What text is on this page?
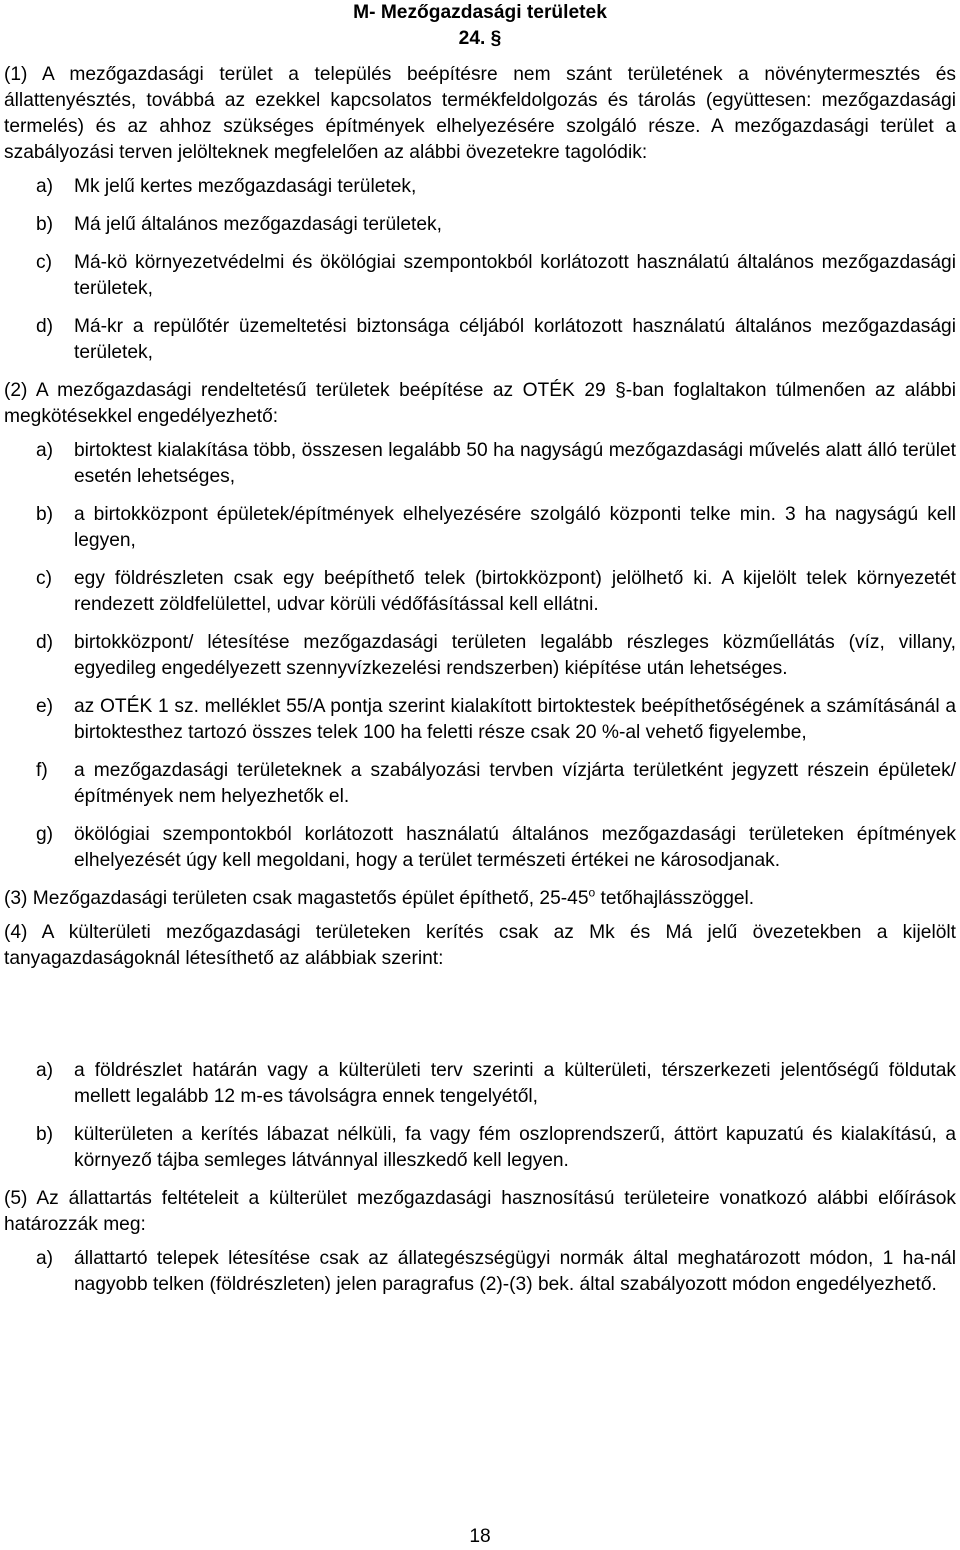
M- Mezőgazdasági területek
24. §
(1) A mezőgazdasági terület a település beépítésre nem szánt területének a növénytermesztés és állattenyésztés, továbbá az ezekkel kapcsolatos termékfeldolgozás és tárolás (együttesen: mezőgazdasági termelés) és az ahhoz szükséges építmények elhelyezésére szolgáló része. A mezőgazdasági terület a szabályozási terven jelölteknek megfelelően az alábbi övezetekre tagolódik:
a)	Mk jelű kertes mezőgazdasági területek,
b)	Má jelű általános mezőgazdasági területek,
c)	Má-kö környezetvédelmi és ökölógiai szempontokból korlátozott használatú általános mezőgazdasági területek,
d)	Má-kr a repülőtér üzemeltetési biztonsága céljából korlátozott használatú általános mezőgazdasági területek,
(2) A mezőgazdasági rendeltetésű területek beépítése az OTÉK 29 §-ban foglaltakon túlmenően az alábbi megkötésekkel engedélyezhető:
a)	birtoktest kialakítása több, összesen legalább 50 ha nagyságú mezőgazdasági művelés alatt álló terület esetén lehetséges,
b)	a birtokközpont épületek/építmények elhelyezésére szolgáló központi telke min. 3 ha nagyságú kell legyen,
c)	egy földrészleten csak egy beépíthető telek (birtokközpont) jelölhető ki. A kijelölt telek környezetét rendezett zöldfelülettel, udvar körüli védőfásítással kell ellátni.
d)	birtokközpont/ létesítése mezőgazdasági területen legalább részleges közműellátás (víz, villany, egyedileg engedélyezett szennyvízkezelési rendszerben) kiépítése után lehetséges.
e)	az OTÉK 1 sz. melléklet 55/A pontja szerint kialakított birtoktestek beépíthetőségének a számításánál a birtoktesthez tartozó összes telek 100 ha feletti része csak 20 %-al vehető figyelembe,
f)	a mezőgazdasági területeknek a szabályozási tervben vízjárta területként jegyzett részein épületek/építmények nem helyezhetők el.
g)	ökölógiai szempontokból korlátozott használatú általános mezőgazdasági területeken építmények elhelyezését úgy kell megoldani, hogy a terület természeti értékei ne károsodjanak.
(3) Mezőgazdasági területen csak magastetős épület építhető, 25-45$^o$ tetőhajlásszöggel.
(4) A külterületi mezőgazdasági területeken kerítés csak az Mk és Má jelű övezetekben a kijelölt tanyagazdaságoknál létesíthető az alábbiak szerint:
a)	a földrészlet határán vagy a külterületi terv szerinti a külterületi, térszerkezeti jelentőségű földutak mellett legalább 12 m-es távolságra ennek tengelyétől,
b)	külterületen a kerítés lábazat nélküli, fa vagy fém oszloprendszerű, áttört kapuzatú és kialakítású, a környező tájba semleges látvánnyal illeszkedő kell legyen.
(5) Az állattartás feltételeit a külterület mezőgazdasági hasznosítású területeire vonatkozó alábbi előírások határozzák meg:
a)	állattartó telepek létesítése csak az állategészségügyi normák által meghatározott módon, 1 ha-nál nagyobb telken (földrészleten) jelen paragrafus (2)-(3) bek. által szabályozott módon engedélyezhető.
18
